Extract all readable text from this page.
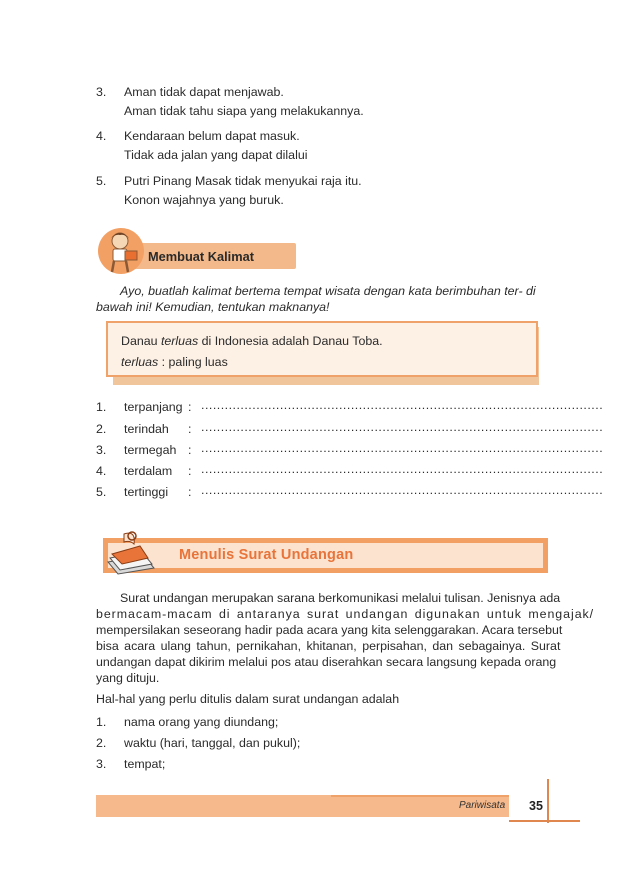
3. Aman tidak dapat menjawab.
Aman tidak tahu siapa yang melakukannya.
4. Kendaraan belum dapat masuk.
Tidak ada jalan yang dapat dilalui
5. Putri Pinang Masak tidak menyukai raja itu.
Konon wajahnya yang buruk.
Membuat Kalimat
Ayo, buatlah kalimat bertema tempat wisata dengan kata berimbuhan ter- di
bawah ini! Kemudian, tentukan maknanya!
Danau terluas di Indonesia adalah Danau Toba.
terluas : paling luas
1. terpanjang : ......................................................................................................
2. terindah : ......................................................................................................
3. termegah : ......................................................................................................
4. terdalam : ......................................................................................................
5. tertinggi : ......................................................................................................
Menulis Surat Undangan
Surat undangan merupakan sarana berkomunikasi melalui tulisan. Jenisnya ada
bermacam-macam di antaranya surat undangan digunakan untuk mengajak/
mempersilakan seseorang hadir pada acara yang kita selenggarakan. Acara tersebut
bisa acara ulang tahun, pernikahan, khitanan, perpisahan, dan sebagainya. Surat
undangan dapat dikirim melalui pos atau diserahkan secara langsung kepada orang
yang dituju.
Hal-hal yang perlu ditulis dalam surat undangan adalah
1. nama orang yang diundang;
2. waktu (hari, tanggal, dan pukul);
3. tempat;
Pariwisata 35
